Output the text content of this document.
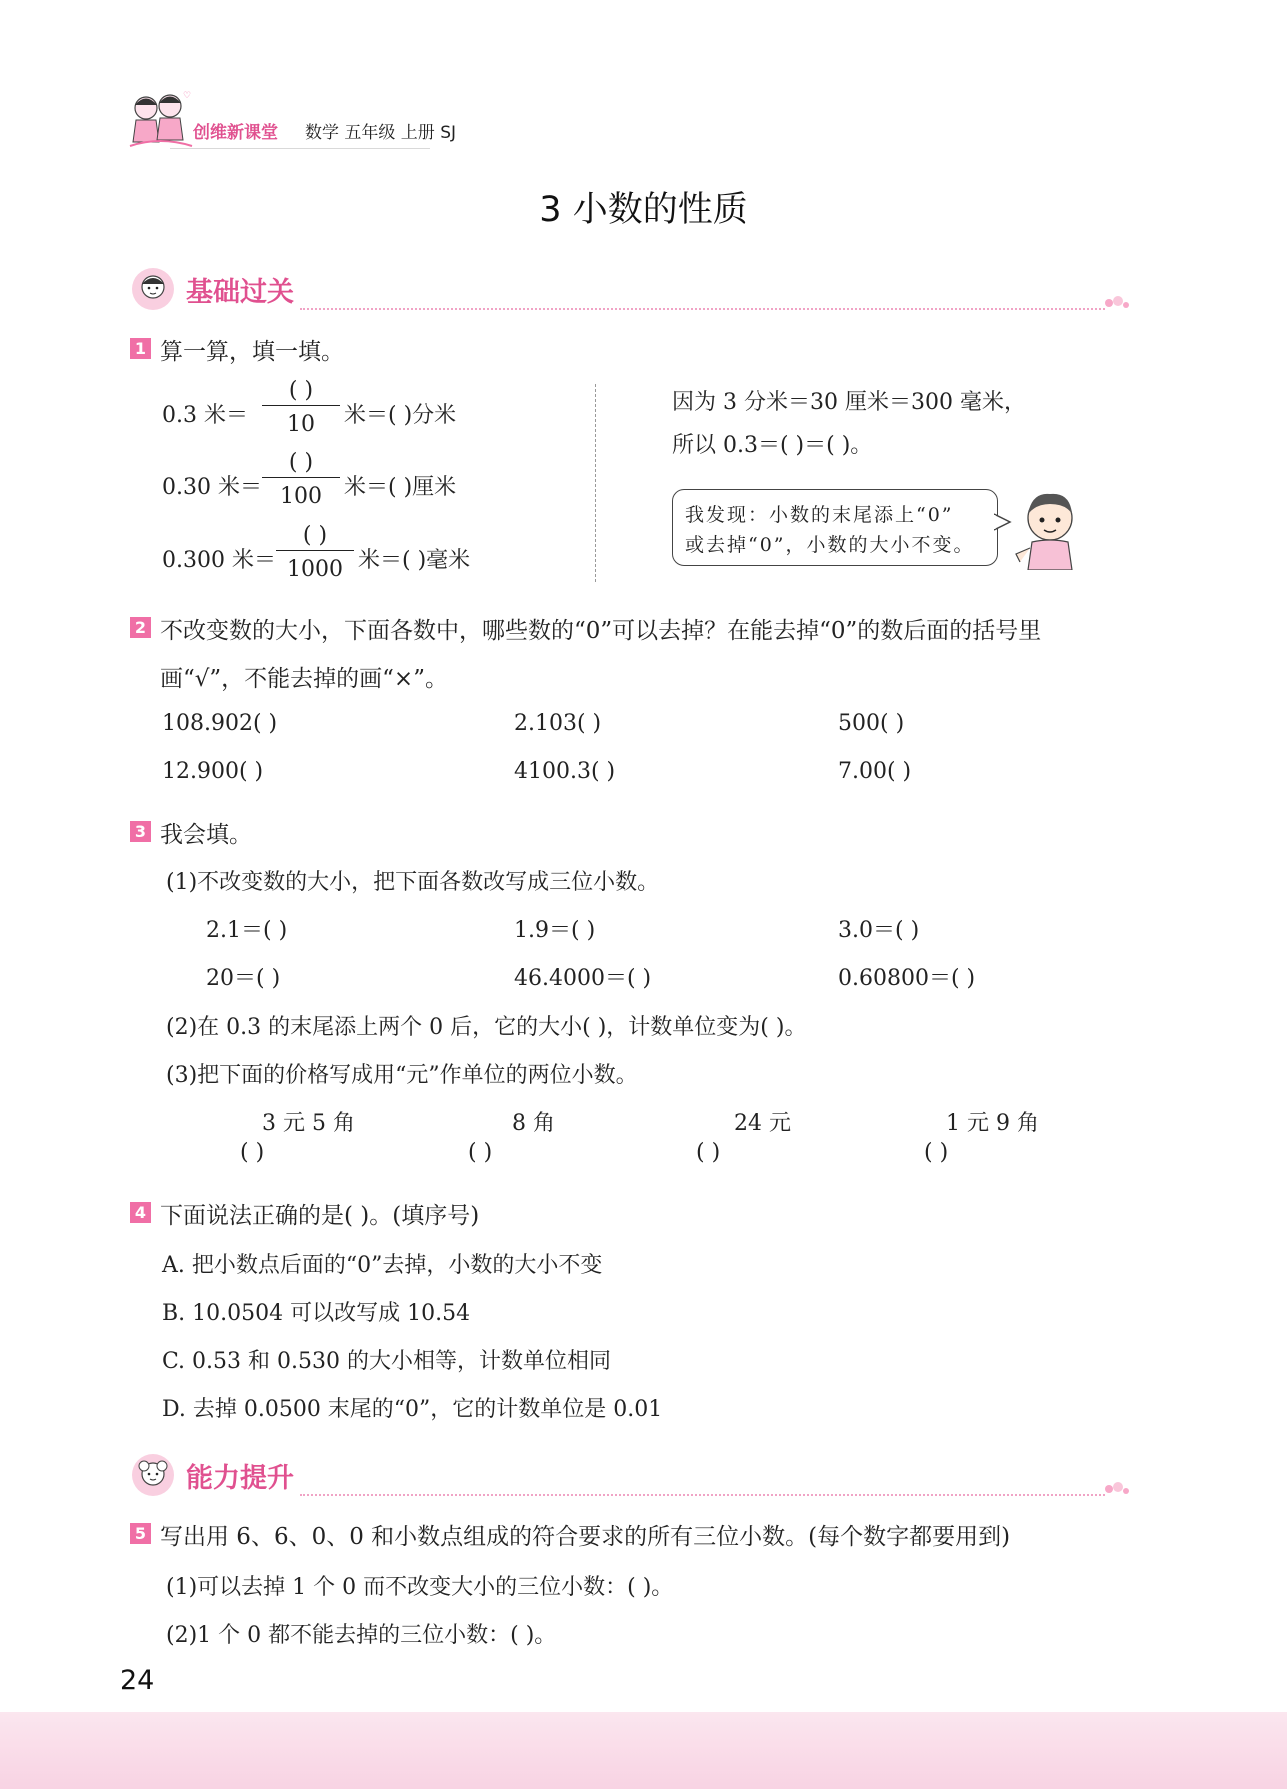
♡
创维新课堂 数学 五年级 上册 SJ
3 小数的性质
基础过关
1 算一算，填一填。
0.3 米＝
( )
10	米＝( )分米
0.30 米＝
( )
100	米＝( )厘米
0.300 米＝
( )
1000 米＝( )毫米
因为 3 分米＝30 厘米＝300 毫米，
所以 0.3＝( )＝( )。
我发现：小数的末尾添上“0”
或去掉“0”，小数的大小不变。
2 不改变数的大小，下面各数中，哪些数的“0”可以去掉？在能去掉“0”的数后面的括号里
画“√”，不能去掉的画“×”。
108.902( )	2.103( )	500( )
12.900( )	4100.3( )	7.00( )
3 我会填。
(1)不改变数的大小，把下面各数改写成三位小数。
2.1＝( )	1.9＝( )	3.0＝( )
20＝( )	46.4000＝( )	0.60800＝( )
(2)在 0.3 的末尾添上两个 0 后，它的大小( )，计数单位变为( )。
(3)把下面的价格写成用“元”作单位的两位小数。
3 元 5 角	8 角	24 元	1 元 9 角
( )	( )	( )	( )
4 下面说法正确的是( )。(填序号)
A. 把小数点后面的“0”去掉，小数的大小不变
B. 10.0504 可以改写成 10.54
C. 0.53 和 0.530 的大小相等，计数单位相同
D. 去掉 0.0500 末尾的“0”，它的计数单位是 0.01
能力提升
5 写出用 6、6、0、0 和小数点组成的符合要求的所有三位小数。(每个数字都要用到)
(1)可以去掉 1 个 0 而不改变大小的三位小数：( )。
(2)1 个 0 都不能去掉的三位小数：( )。
24
